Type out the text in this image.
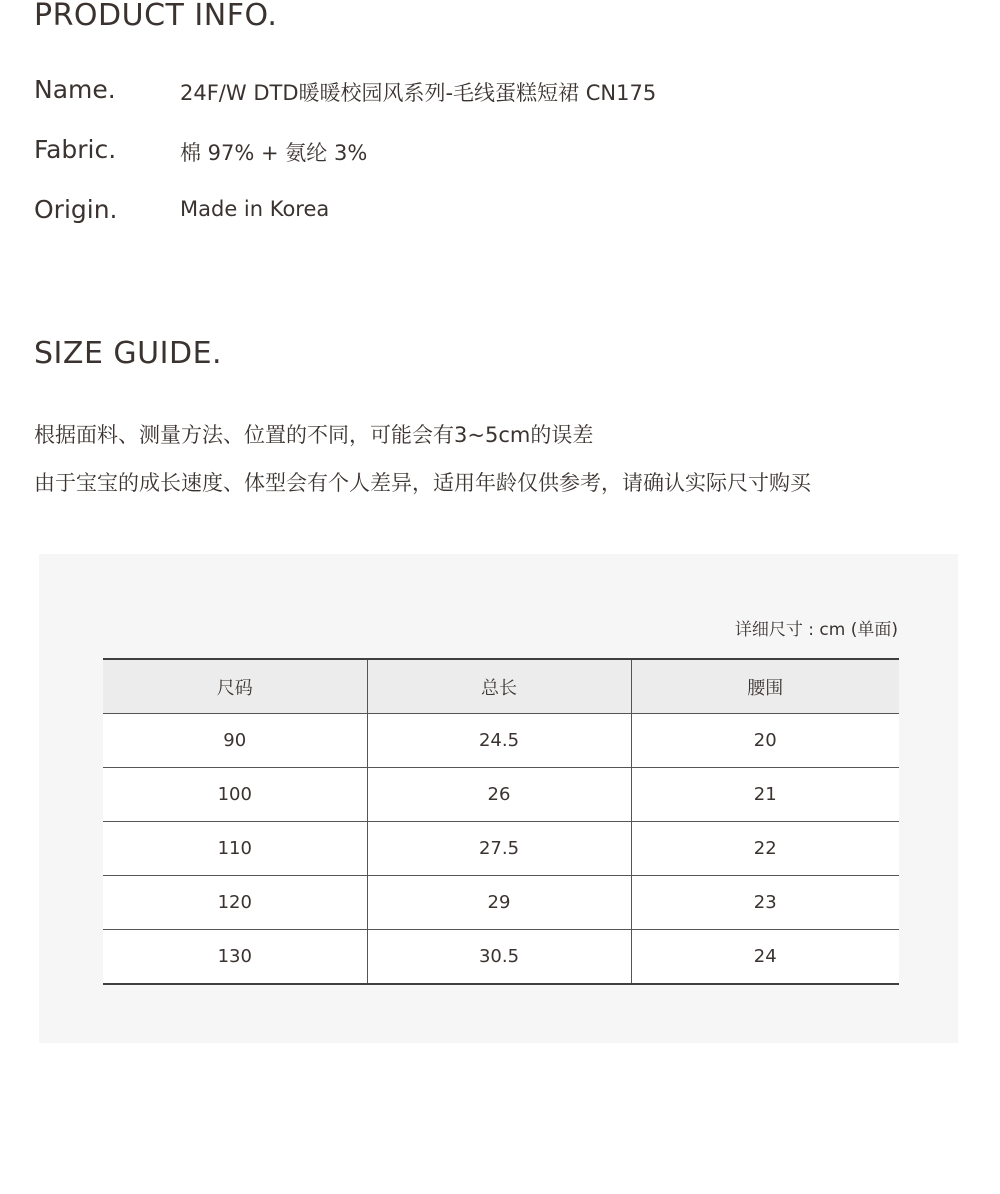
PRODUCT INFO.
Name.	24F/W DTD暖暖校园风系列-毛线蛋糕短裙 CN175
Fabric.	棉 97% + 氨纶 3%
Origin.	Made in Korea
SIZE GUIDE.

根据面料、测量方法、位置的不同，可能会有3~5cm的误差

由于宝宝的成长速度、体型会有个人差异，适用年龄仅供参考，请确认实际尺寸购买

详细尺寸 : cm (单面)
尺码	总长	腰围
90	24.5	20
100	26	21
110	27.5	22
120	29	23
130	30.5	24
